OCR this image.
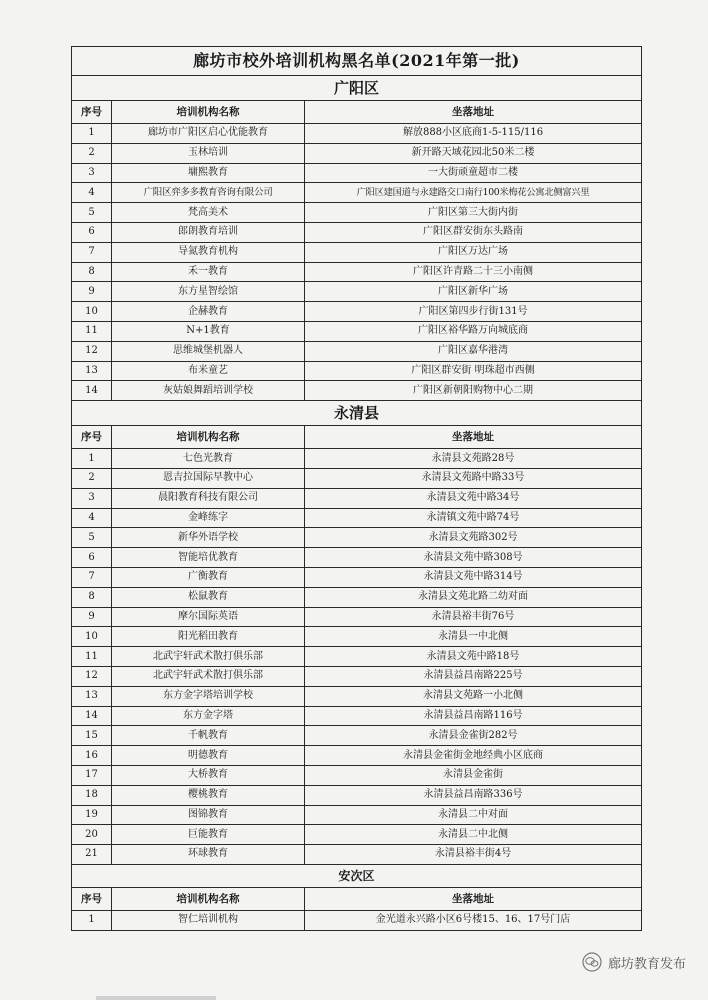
廊坊市校外培训机构黑名单(2021年第一批)		
广阳区		
序号	培训机构名称	坐落地址
1	廊坊市广阳区启心优能教育	解放888小区底商1-5-115/116
2	玉林培训	新开路天域花园北50米二楼
3	墉熙教育	一大街顽童超市二楼
4	广阳区弈多多教育咨询有限公司	广阳区建国道与永建路交口南行100米梅花公寓北侧富兴里
5	梵高美术	广阳区第三大街内街
6	郎朗教育培训	广阳区群安街东头路南
7	导氮教育机构	广阳区万达广场
8	禾一教育	广阳区许青路二十三小南侧
9	东方星智绘馆	广阳区新华广场
10	企赫教育	广阳区第四步行街131号
11	N+1教育	广阳区裕华路万向城底商
12	思维城堡机器人	广阳区嘉华港湾
13	布米童艺	广阳区群安街 明珠超市西侧
14	灰姑娘舞蹈培训学校	广阳区新朝阳购物中心二期
永清县		
序号	培训机构名称	坐落地址
1	七色光教育	永清县文苑路28号
2	恩吉拉国际早教中心	永清县文苑路中路33号
3	晨阳教育科技有限公司	永清县文苑中路34号
4	金峰练字	永清镇文苑中路74号
5	新华外语学校	永清县文苑路302号
6	智能培优教育	永清县文苑中路308号
7	广衡教育	永清县文苑中路314号
8	松鼠教育	永清县文苑北路二幼对面
9	摩尔国际英语	永清县裕丰街76号
10	阳光稻田教育	永清县一中北侧
11	北武宇轩武术散打俱乐部	永清县文苑中路18号
12	北武宇轩武术散打俱乐部	永清县益昌南路225号
13	东方金字塔培训学校	永清县文苑路一小北侧
14	东方金字塔	永清县益昌南路116号
15	千帆教育	永清县金雀街282号
16	明德教育	永清县金雀街金地经典小区底商
17	大桥教育	永清县金雀街
18	樱桃教育	永清县益昌南路336号
19	图锦教育	永清县二中对面
20	巨能教育	永清县二中北侧
21	环球教育	永清县裕丰街4号
安次区		
序号	培训机构名称	坐落地址
1	智仁培训机构	金光道永兴路小区6号楼15、16、17号门店
廊坊教育发布
